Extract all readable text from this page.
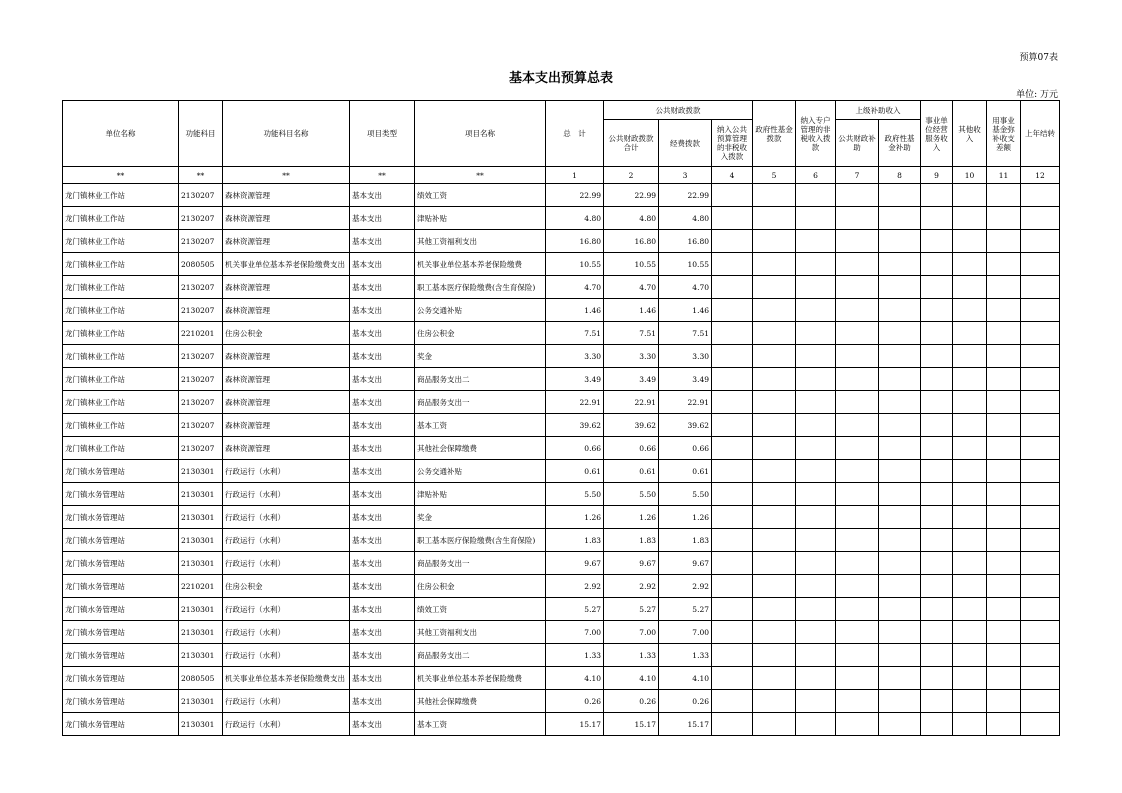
预算07表
基本支出预算总表
单位: 万元
单位名称	功能科目	功能科目名称	项目类型	项目名称	总　计	公共财政拨款			政府性基金拨款	纳入专户管理的非税收入拨款	上级补助收入		事业单位经营服务收入	其他收入	用事业基金弥补收支差额	上年结转
						公共财政拨款合计	经费拨款	纳入公共预算管理的非税收入拨款			公共财政补助	政府性基金补助				
**	**	**	**	**	1	2	3	4	5	6	7	8	9	10	11	12
龙门镇林业工作站	2130207	森林资源管理	基本支出	绩效工资	22.99	22.99	22.99									
龙门镇林业工作站	2130207	森林资源管理	基本支出	津贴补贴	4.80	4.80	4.80									
龙门镇林业工作站	2130207	森林资源管理	基本支出	其他工资福利支出	16.80	16.80	16.80									
龙门镇林业工作站	2080505	机关事业单位基本养老保险缴费支出	基本支出	机关事业单位基本养老保险缴费	10.55	10.55	10.55									
龙门镇林业工作站	2130207	森林资源管理	基本支出	职工基本医疗保险缴费(含生育保险)	4.70	4.70	4.70									
龙门镇林业工作站	2130207	森林资源管理	基本支出	公务交通补贴	1.46	1.46	1.46									
龙门镇林业工作站	2210201	住房公积金	基本支出	住房公积金	7.51	7.51	7.51									
龙门镇林业工作站	2130207	森林资源管理	基本支出	奖金	3.30	3.30	3.30									
龙门镇林业工作站	2130207	森林资源管理	基本支出	商品服务支出二	3.49	3.49	3.49									
龙门镇林业工作站	2130207	森林资源管理	基本支出	商品服务支出一	22.91	22.91	22.91									
龙门镇林业工作站	2130207	森林资源管理	基本支出	基本工资	39.62	39.62	39.62									
龙门镇林业工作站	2130207	森林资源管理	基本支出	其他社会保障缴费	0.66	0.66	0.66									
龙门镇水务管理站	2130301	行政运行（水利）	基本支出	公务交通补贴	0.61	0.61	0.61									
龙门镇水务管理站	2130301	行政运行（水利）	基本支出	津贴补贴	5.50	5.50	5.50									
龙门镇水务管理站	2130301	行政运行（水利）	基本支出	奖金	1.26	1.26	1.26									
龙门镇水务管理站	2130301	行政运行（水利）	基本支出	职工基本医疗保险缴费(含生育保险)	1.83	1.83	1.83									
龙门镇水务管理站	2130301	行政运行（水利）	基本支出	商品服务支出一	9.67	9.67	9.67									
龙门镇水务管理站	2210201	住房公积金	基本支出	住房公积金	2.92	2.92	2.92									
龙门镇水务管理站	2130301	行政运行（水利）	基本支出	绩效工资	5.27	5.27	5.27									
龙门镇水务管理站	2130301	行政运行（水利）	基本支出	其他工资福利支出	7.00	7.00	7.00									
龙门镇水务管理站	2130301	行政运行（水利）	基本支出	商品服务支出二	1.33	1.33	1.33									
龙门镇水务管理站	2080505	机关事业单位基本养老保险缴费支出	基本支出	机关事业单位基本养老保险缴费	4.10	4.10	4.10									
龙门镇水务管理站	2130301	行政运行（水利）	基本支出	其他社会保障缴费	0.26	0.26	0.26									
龙门镇水务管理站	2130301	行政运行（水利）	基本支出	基本工资	15.17	15.17	15.17									
